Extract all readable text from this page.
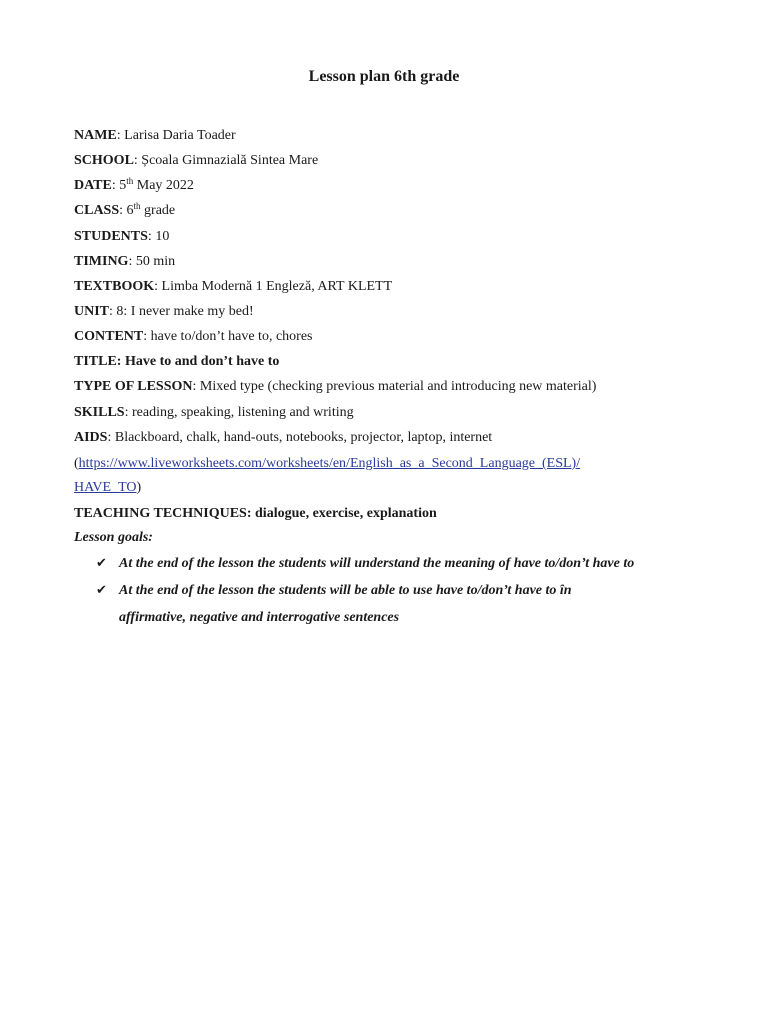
Lesson plan 6th grade
NAME: Larisa Daria Toader
SCHOOL: Școala Gimnazială Sintea Mare
DATE: 5th May 2022
CLASS: 6th grade
STUDENTS: 10
TIMING: 50 min
TEXTBOOK: Limba Modernă 1 Engleză, ART KLETT
UNIT: 8: I never make my bed!
CONTENT: have to/don’t have to, chores
TITLE: Have to and don’t have to
TYPE OF LESSON: Mixed type (checking previous material and introducing new material)
SKILLS: reading, speaking, listening and writing
AIDS: Blackboard, chalk, hand-outs, notebooks, projector, laptop, internet
(https://www.liveworksheets.com/worksheets/en/English_as_a_Second_Language_(ESL)/
HAVE_TO)
TEACHING TECHNIQUES: dialogue, exercise, explanation
Lesson goals:
✔ At the end of the lesson the students will understand the meaning of have to/don’t have to
✔ At the end of the lesson the students will be able to use have to/don’t have to în
affirmative, negative and interrogative sentences
